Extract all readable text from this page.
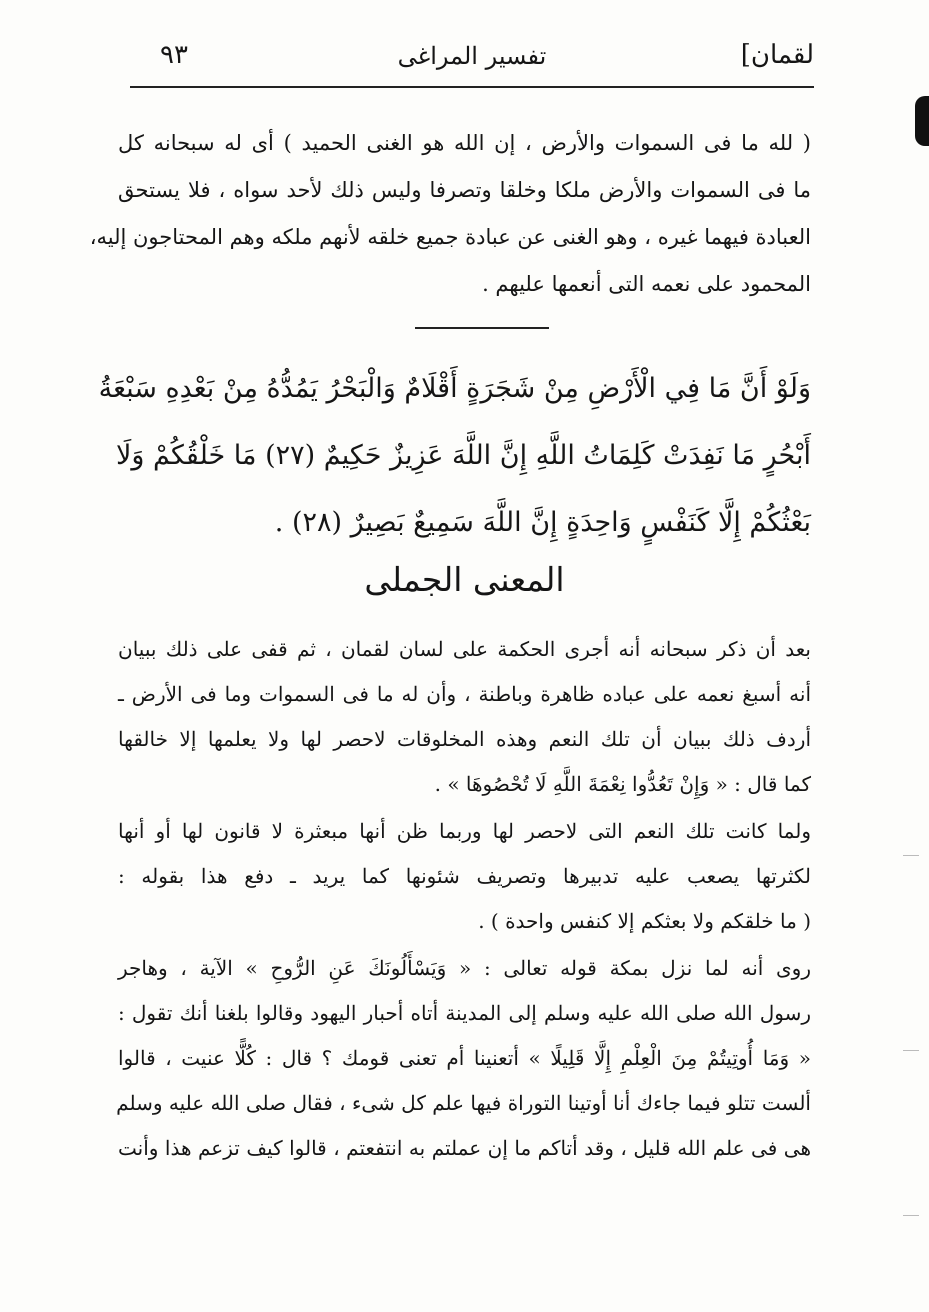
لقمان]
تفسير المراغى
٩٣
( لله ما فى السموات والأرض ، إن الله هو الغنى الحميد ) أى له سبحانه كل
ما فى السموات والأرض ملكا وخلقا وتصرفا وليس ذلك لأحد سواه ، فلا يستحق
العبادة فيهما غيره ، وهو الغنى عن عبادة جميع خلقه لأنهم ملكه وهم المحتاجون إليه،
المحمود على نعمه التى أنعمها عليهم .
وَلَوْ أَنَّ مَا فِي الْأَرْضِ مِنْ شَجَرَةٍ أَقْلَامٌ وَالْبَحْرُ يَمُدُّهُ مِنْ بَعْدِهِ سَبْعَةُ
أَبْحُرٍ مَا نَفِدَتْ كَلِمَاتُ اللَّهِ إِنَّ اللَّهَ عَزِيزٌ حَكِيمٌ (٢٧) مَا خَلْقُكُمْ وَلَا
بَعْثُكُمْ إِلَّا كَنَفْسٍ وَاحِدَةٍ إِنَّ اللَّهَ سَمِيعٌ بَصِيرٌ (٢٨) .
المعنى الجملى
بعد أن ذكر سبحانه أنه أجرى الحكمة على لسان لقمان ، ثم قفى على ذلك ببيان
أنه أسبغ نعمه على عباده ظاهرة وباطنة ، وأن له ما فى السموات وما فى الأرض ـ
أردف ذلك ببيان أن تلك النعم وهذه المخلوقات لاحصر لها ولا يعلمها إلا خالقها
كما قال : « وَإِنْ تَعُدُّوا نِعْمَةَ اللَّهِ لَا تُحْصُوهَا » .
ولما كانت تلك النعم التى لاحصر لها وربما ظن أنها مبعثرة لا قانون لها أو أنها
لكثرتها يصعب عليه تدبيرها وتصريف شئونها كما يريد ـ دفع هذا بقوله :
( ما خلقكم ولا بعثكم إلا كنفس واحدة ) .
روى أنه لما نزل بمكة قوله تعالى : « وَيَسْأَلُونَكَ عَنِ الرُّوحِ » الآية ، وهاجر
رسول الله صلى الله عليه وسلم إلى المدينة أتاه أحبار اليهود وقالوا بلغنا أنك تقول :
« وَمَا أُوتِيتُمْ مِنَ الْعِلْمِ إِلَّا قَلِيلًا » أتعنينا أم تعنى قومك ؟ قال : كُلًّا عنيت ، قالوا
ألست تتلو فيما جاءك أنا أوتينا التوراة فيها علم كل شىء ، فقال صلى الله عليه وسلم
هى فى علم الله قليل ، وقد أتاكم ما إن عملتم به انتفعتم ، قالوا كيف تزعم هذا وأنت
